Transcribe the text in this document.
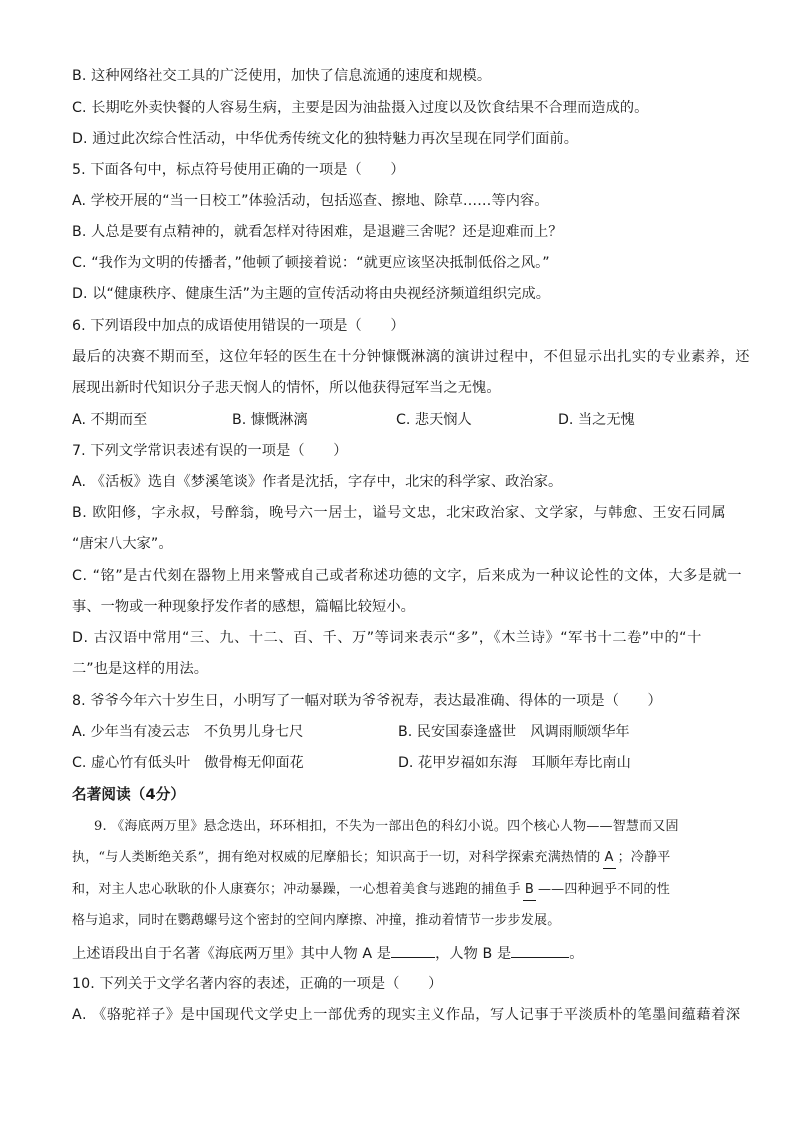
B. 这种网络社交工具的广泛使用，加快了信息流通的速度和规模。
C. 长期吃外卖快餐的人容易生病，主要是因为油盐摄入过度以及饮食结果不合理而造成的。
D. 通过此次综合性活动，中华优秀传统文化的独特魅力再次呈现在同学们面前。
5. 下面各句中，标点符号使用正确的一项是（　　）
A. 学校开展的“当一日校工”体验活动，包括巡查、擦地、除草……等内容。
B. 人总是要有点精神的，就看怎样对待困难，是退避三舍呢？还是迎难而上？
C. “我作为文明的传播者，”他顿了顿接着说：“就更应该坚决抵制低俗之风。”
D. 以“健康秩序、健康生活”为主题的宣传活动将由央视经济频道组织完成。
6. 下列语段中加点的成语使用错误的一项是（　　）
最后的决赛不期而至，这位年轻的医生在十分钟慷慨淋漓的演讲过程中，不但显示出扎实的专业素养，还
展现出新时代知识分子悲天悯人的情怀，所以他获得冠军当之无愧。
A. 不期而至	B. 慷慨淋漓	C. 悲天悯人	D. 当之无愧
7. 下列文学常识表述有误的一项是（　　）
A. 《活板》选自《梦溪笔谈》作者是沈括，字存中，北宋的科学家、政治家。
B. 欧阳修，字永叔，号醉翁，晚号六一居士，谥号文忠，北宋政治家、文学家，与韩愈、王安石同属
“唐宋八大家”。
C. “铭”是古代刻在器物上用来警戒自己或者称述功德的文字，后来成为一种议论性的文体，大多是就一
事、一物或一种现象抒发作者的感想，篇幅比较短小。
D. 古汉语中常用“三、九、十二、百、千、万”等词来表示“多”，《木兰诗》“军书十二卷”中的“十
二”也是这样的用法。
8. 爷爷今年六十岁生日，小明写了一幅对联为爷爷祝寿，表达最准确、得体的一项是（　　）
A. 少年当有凌云志　不负男儿身七尺	B. 民安国泰逢盛世　风调雨顺颂华年
C. 虚心竹有低头叶　傲骨梅无仰面花	D. 花甲岁福如东海　耳顺年寿比南山
名著阅读（4分）
9. 《海底两万里》悬念迭出，环环相扣，不失为一部出色的科幻小说。四个核心人物——智慧而又固
执，“与人类断绝关系”，拥有绝对权威的尼摩船长；知识高于一切，对科学探索充满热情的 A ；冷静平
和，对主人忠心耿耿的仆人康赛尔；冲动暴躁，一心想着美食与逃跑的捕鱼手 B ——四种迥乎不同的性
格与追求，同时在鹦鹉螺号这个密封的空间内摩擦、冲撞，推动着情节一步步发展。
上述语段出自于名著《海底两万里》其中人物 A 是	，人物 B 是	。
10. 下列关于文学名著内容的表述，正确的一项是（　　）
A. 《骆驼祥子》是中国现代文学史上一部优秀的现实主义作品，写人记事于平淡质朴的笔墨间蕴藉着深
